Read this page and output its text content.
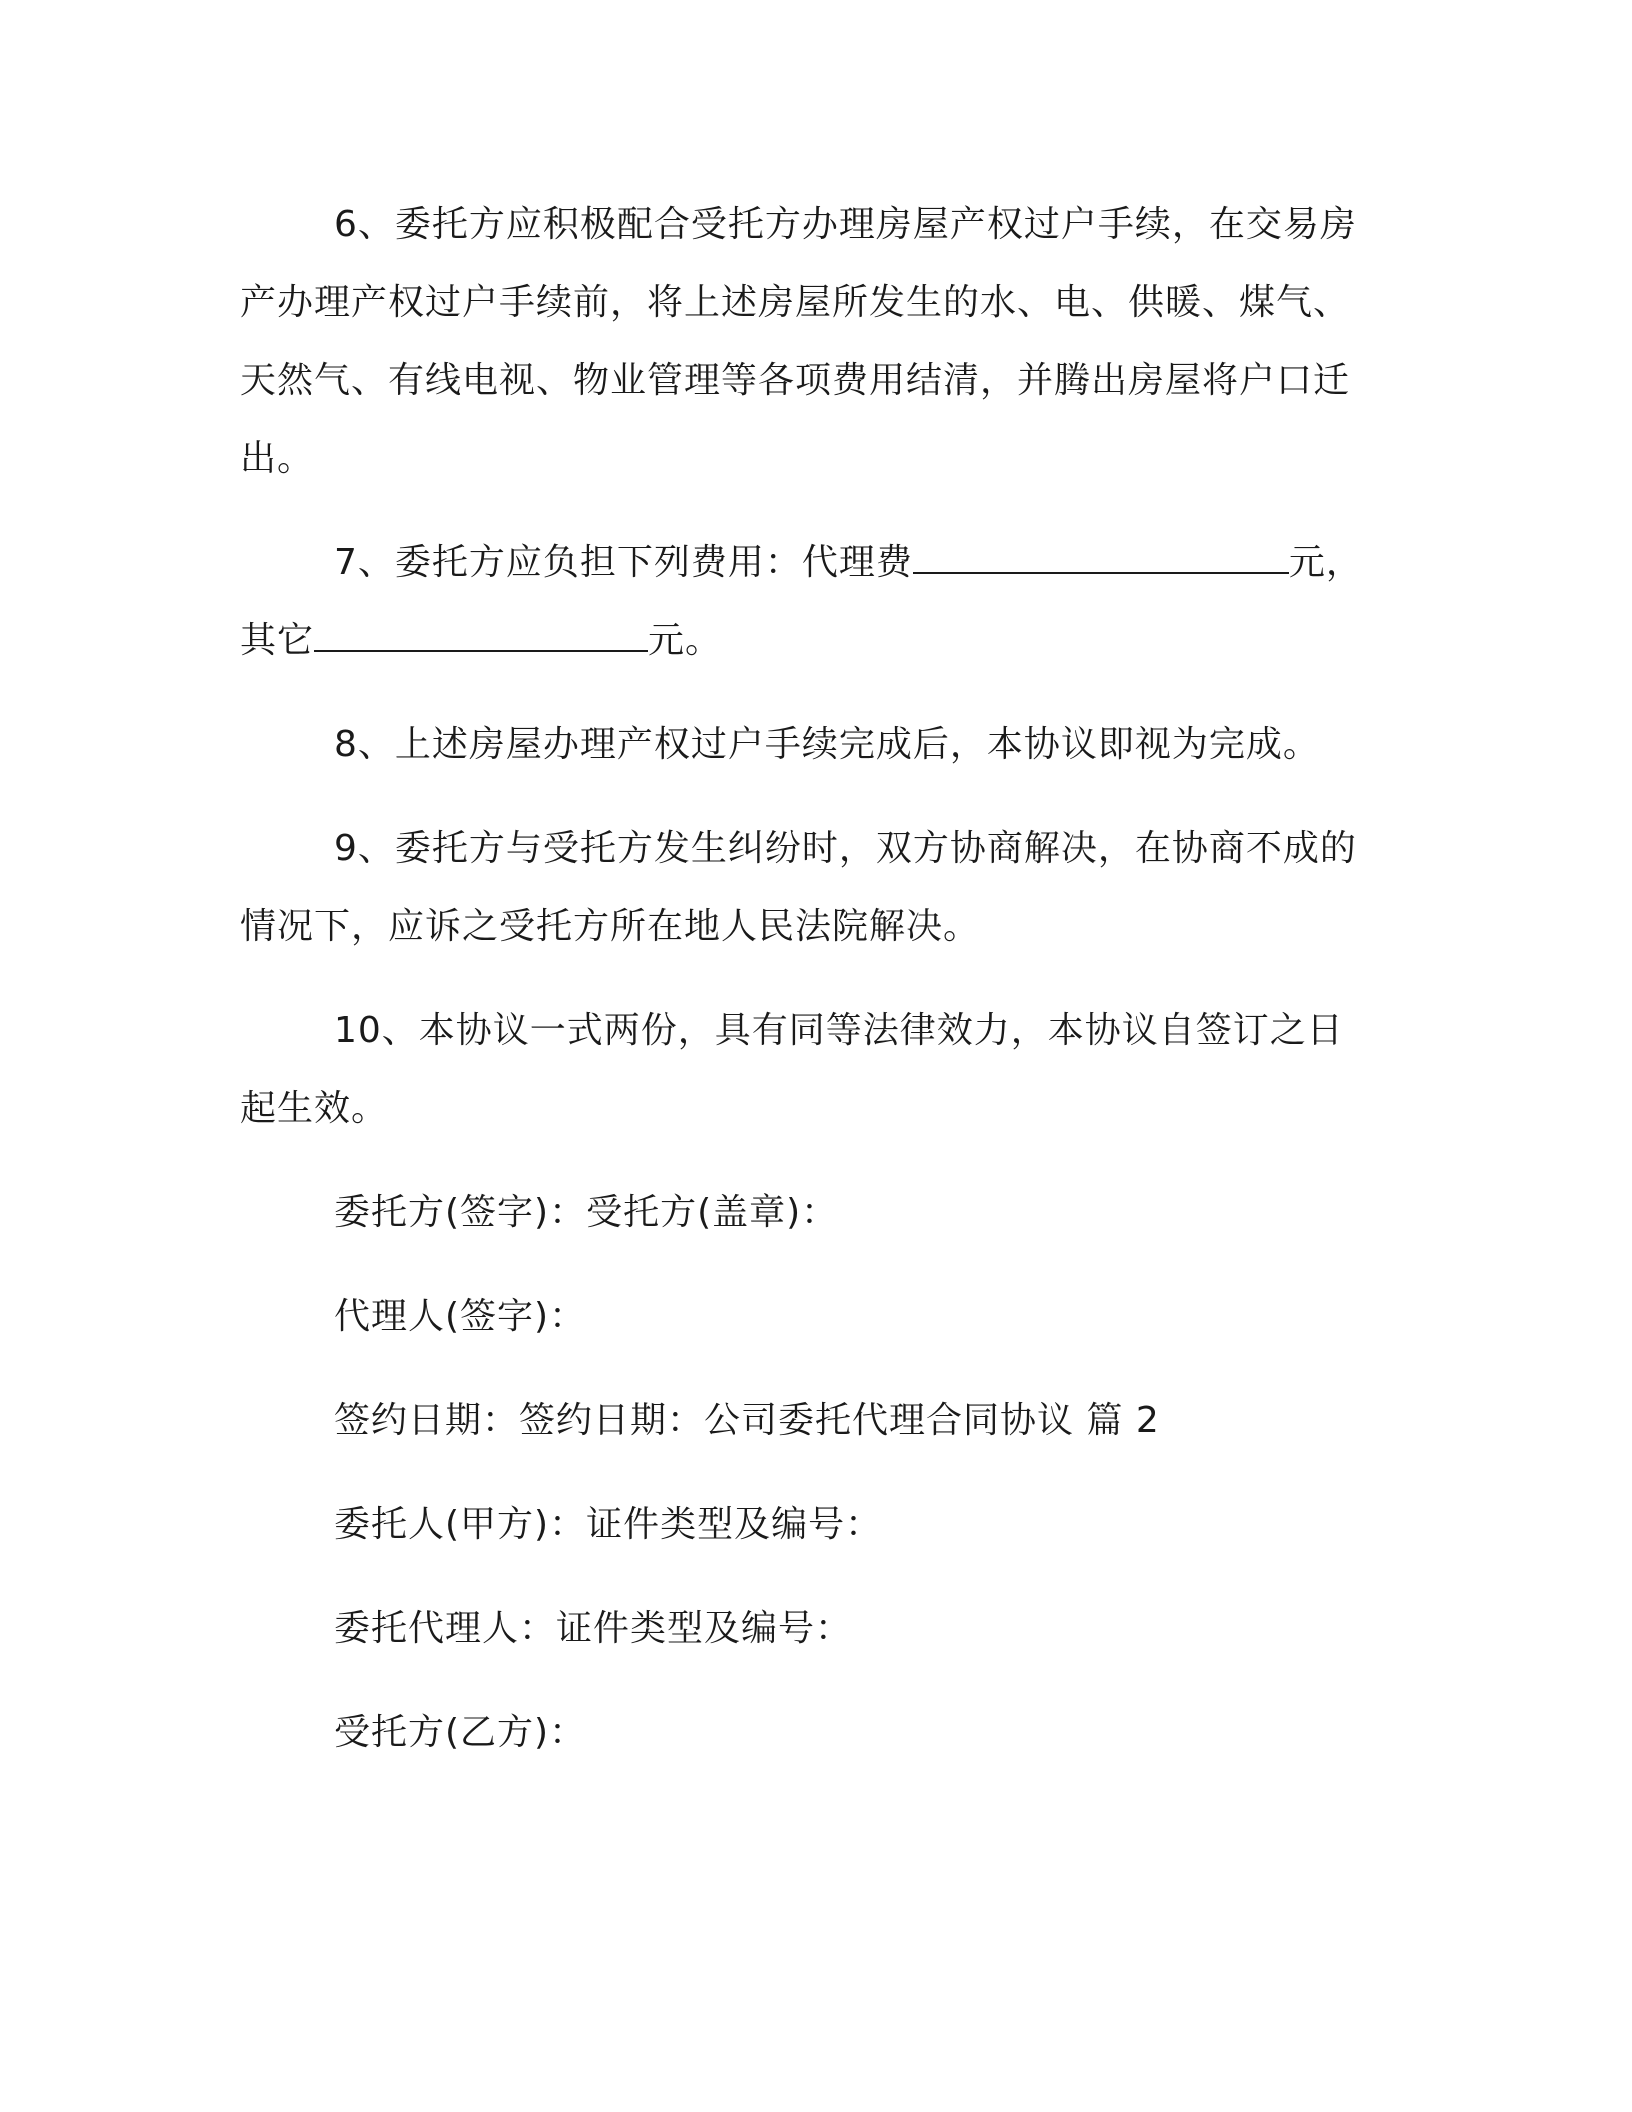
6、委托方应积极配合受托方办理房屋产权过户手续，在交易房产办理产权过户手续前，将上述房屋所发生的水、电、供暖、煤气、天然气、有线电视、物业管理等各项费用结清，并腾出房屋将户口迁出。

7、委托方应负担下列费用：代理费	元，其它	元。

8、上述房屋办理产权过户手续完成后，本协议即视为完成。

9、委托方与受托方发生纠纷时，双方协商解决，在协商不成的情况下，应诉之受托方所在地人民法院解决。

10、本协议一式两份，具有同等法律效力，本协议自签订之日起生效。

委托方(签字)：受托方(盖章)：

代理人(签字)：

签约日期：签约日期：公司委托代理合同协议 篇 2

委托人(甲方)：证件类型及编号：

委托代理人：证件类型及编号：

受托方(乙方)：
